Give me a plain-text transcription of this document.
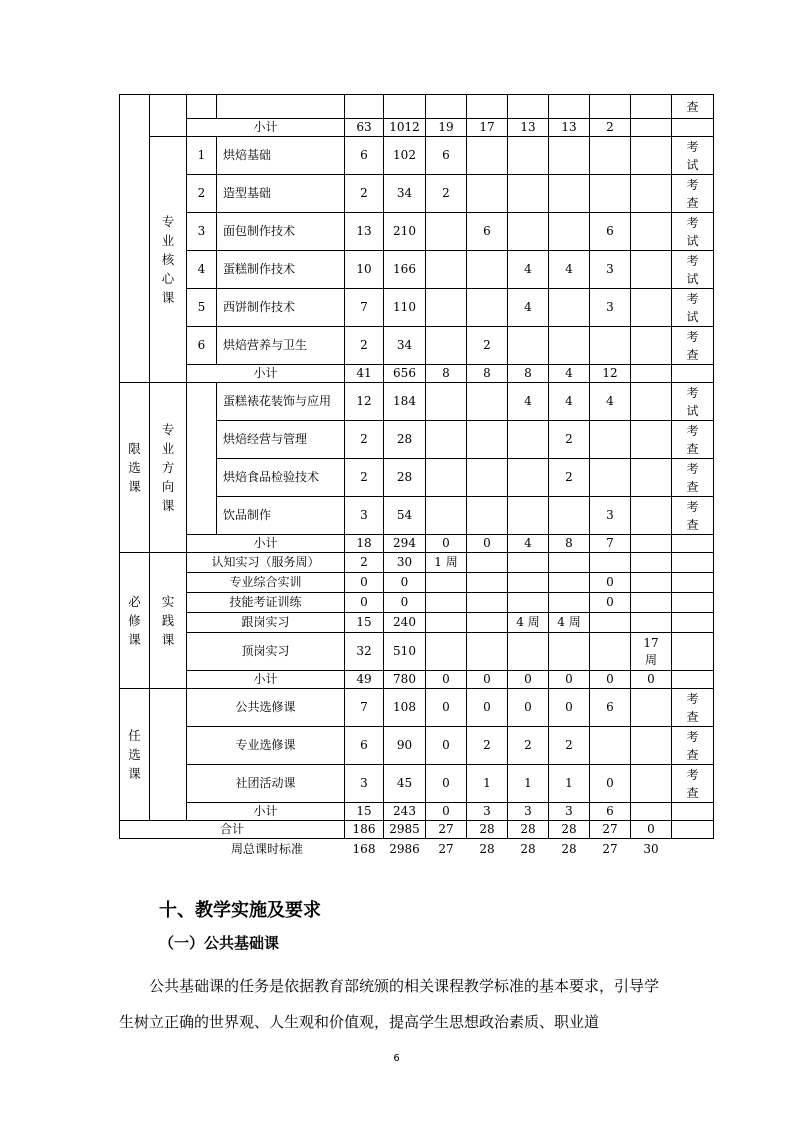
												查
		小计		63	1012	19	17	13	13	2		
	专
业
核
心
课	1	烘焙基础	6	102	6						考
试
		2	造型基础	2	34	2						考
查
		3	面包制作技术	13	210		6			6		考
试
		4	蛋糕制作技术	10	166			4	4	3		考
试
		5	西饼制作技术	7	110			4		3		考
试
		6	烘焙营养与卫生	2	34		2					考
查
		小计		41	656	8	8	8	4	12		
限
选
课	专
业
方
向
课		蛋糕裱花装饰与应用	12	184			4	4	4		考
试
			烘焙经营与管理	2	28				2			考
查
			烘焙食品检验技术	2	28				2			考
查
			饮品制作	3	54					3		考
查
		小计		18	294	0	0	4	8	7		
必
修
课	实
践
课	认知实习（服务周）		2	30	1 周						
		专业综合实训		0	0					0		
		技能考证训练		0	0					0		
		跟岗实习		15	240			4 周	4 周			
		顶岗实习		32	510						17
周	
		小计		49	780	0	0	0	0	0	0	
任
选
课		公共选修课		7	108	0	0	0	0	6		考
查
		专业选修课		6	90	0	2	2	2			考
查
		社团活动课		3	45	0	1	1	1	0		考
查
		小计		15	243	0	3	3	3	6		
合计				186	2985	27	28	28	28	27	0	
周总课时标准				168	2986	27	28	28	28	27	30	
十、教学实施及要求
（一）公共基础课
公共基础课的任务是依据教育部统颁的相关课程教学标准的基本要求，引导学生树立正确的世界观、人生观和价值观，提高学生思想政治素质、职业道
6
